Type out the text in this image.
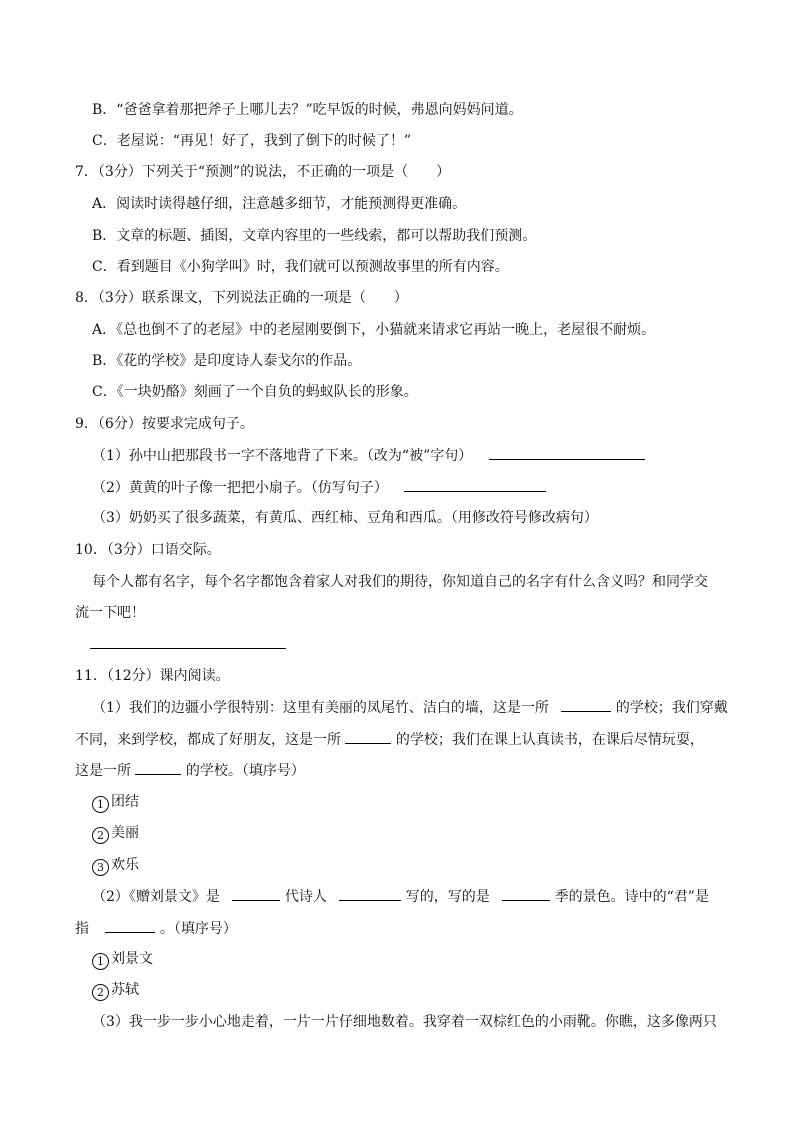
B．“爸爸拿着那把斧子上哪儿去？”吃早饭的时候，弗恩向妈妈问道。
C．老屋说：“再见！好了，我到了倒下的时候了！”
7．（3分）下列关于“预测”的说法，不正确的一项是（　　）
A．阅读时读得越仔细，注意越多细节，才能预测得更准确。
B．文章的标题、插图，文章内容里的一些线索，都可以帮助我们预测。
C．看到题目《小狗学叫》时，我们就可以预测故事里的所有内容。
8．（3分）联系课文，下列说法正确的一项是（　　）
A．《总也倒不了的老屋》中的老屋刚要倒下，小猫就来请求它再站一晚上，老屋很不耐烦。
B．《花的学校》是印度诗人泰戈尔的作品。
C．《一块奶酪》刻画了一个自负的蚂蚁队长的形象。
9．（6分）按要求完成句子。
（1）孙中山把那段书一字不落地背了下来。（改为“被”字句）
（2）黄黄的叶子像一把把小扇子。（仿写句子）
（3）奶奶买了很多蔬菜，有黄瓜、西红柿、豆角和西瓜。（用修改符号修改病句）
10．（3分）口语交际。
每个人都有名字，每个名字都饱含着家人对我们的期待，你知道自己的名字有什么含义吗？和同学交
流一下吧！
11．（12分）课内阅读。
（1）我们的边疆小学很特别：这里有美丽的凤尾竹、洁白的墙，这是一所	的学校；我们穿戴
不同，来到学校，都成了好朋友，这是一所	的学校；我们在课上认真读书，在课后尽情玩耍，
这是一所	的学校。（填序号）
1 团结
2 美丽
3 欢乐
（2）《赠刘景文》是	代诗人	写的，写的是	季的景色。诗中的“君”是
指	。（填序号）
1 刘景文
2 苏轼
（3）我一步一步小心地走着，一片一片仔细地数着。我穿着一双棕红色的小雨靴。你瞧，这多像两只
